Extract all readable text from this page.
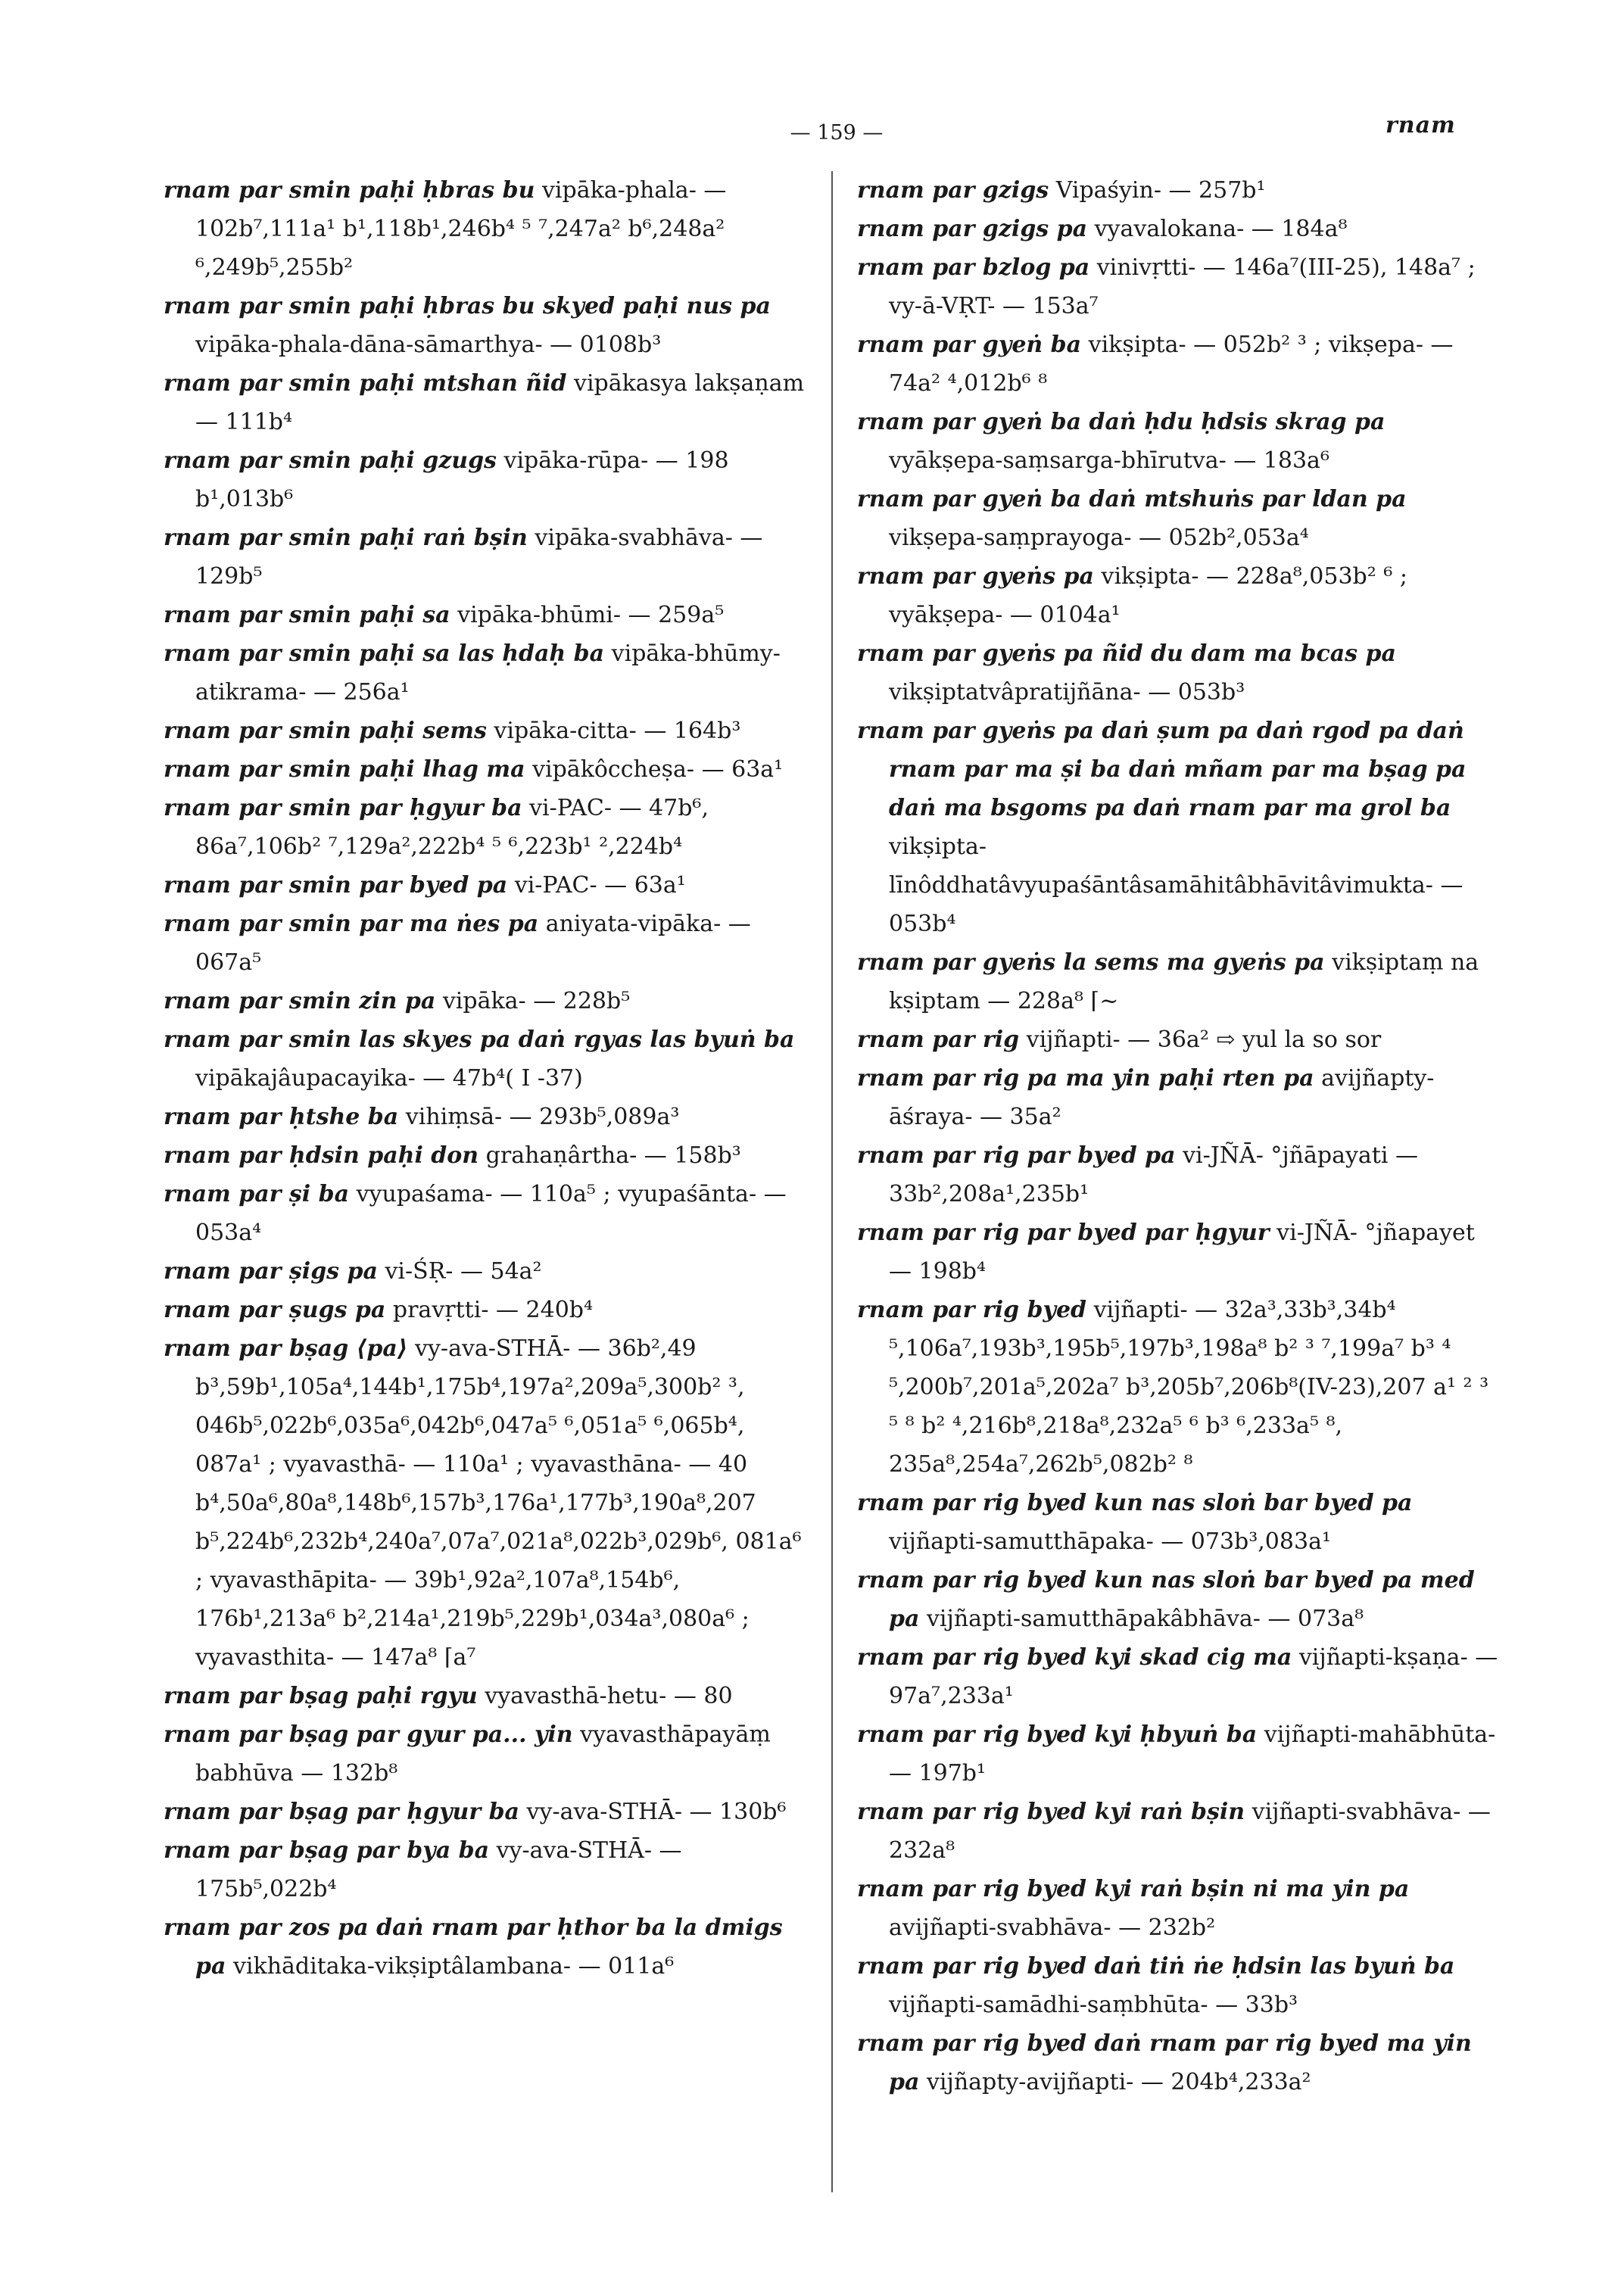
— 159 —	rnam

rnam par smin paḥi ḥbras bu vipāka-phala- — 102b⁷,111a¹ b¹,118b¹,246b⁴ ⁵ ⁷,247a² b⁶,248a² ⁶,249b⁵,255b²

rnam par smin paḥi ḥbras bu skyed paḥi nus pa vipāka-phala-dāna-sāmarthya- — 0108b³

rnam par smin paḥi mtshan ñid vipākasya lakṣaṇam — 111b⁴

rnam par smin paḥi gzugs vipāka-rūpa- — 198 b¹,013b⁶

rnam par smin paḥi raṅ bṣin vipāka-svabhāva- — 129b⁵

rnam par smin paḥi sa vipāka-bhūmi- — 259a⁵

rnam par smin paḥi sa las ḥdaḥ ba vipāka-bhūmy-atikrama- — 256a¹

rnam par smin paḥi sems vipāka-citta- — 164b³

rnam par smin paḥi lhag ma vipākôccheṣa- — 63a¹

rnam par smin par ḥgyur ba vi-PAC- — 47b⁶, 86a⁷,106b² ⁷,129a²,222b⁴ ⁵ ⁶,223b¹ ²,224b⁴

rnam par smin par byed pa vi-PAC- — 63a¹

rnam par smin par ma ṅes pa aniyata-vipāka- — 067a⁵

rnam par smin zin pa vipāka- — 228b⁵

rnam par smin las skyes pa daṅ rgyas las byuṅ ba vipākajâupacayika- — 47b⁴( I -37)

rnam par ḥtshe ba vihiṃsā- — 293b⁵,089a³

rnam par ḥdsin paḥi don grahaṇârtha- — 158b³

rnam par ṣi ba vyupaśama- — 110a⁵ ; vyupaśānta- — 053a⁴

rnam par ṣigs pa vi-ŚṚ- — 54a²

rnam par ṣugs pa pravṛtti- — 240b⁴

rnam par bṣag ⟨pa⟩ vy-ava-STHĀ- — 36b²,49 b³,59b¹,105a⁴,144b¹,175b⁴,197a²,209a⁵,300b² ³, 046b⁵,022b⁶,035a⁶,042b⁶,047a⁵ ⁶,051a⁵ ⁶,065b⁴, 087a¹ ; vyavasthā- — 110a¹ ; vyavasthāna- — 40 b⁴,50a⁶,80a⁸,148b⁶,157b³,176a¹,177b³,190a⁸,207 b⁵,224b⁶,232b⁴,240a⁷,07a⁷,021a⁸,022b³,029b⁶, 081a⁶ ; vyavasthāpita- — 39b¹,92a²,107a⁸,154b⁶, 176b¹,213a⁶ b²,214a¹,219b⁵,229b¹,034a³,080a⁶ ; vyavasthita- — 147a⁸ ⌈a⁷

rnam par bṣag paḥi rgyu vyavasthā-hetu- — 80

rnam par bṣag par gyur pa... yin vyavasthāpayāṃ babhūva — 132b⁸

rnam par bṣag par ḥgyur ba vy-ava-STHĀ- — 130b⁶

rnam par bṣag par bya ba vy-ava-STHĀ- — 175b⁵,022b⁴

rnam par zos pa daṅ rnam par ḥthor ba la dmigs pa vikhāditaka-vikṣiptâlambana- — 011a⁶

rnam par gzigs Vipaśyin- — 257b¹

rnam par gzigs pa vyavalokana- — 184a⁸

rnam par bzlog pa vinivṛtti- — 146a⁷(III-25), 148a⁷ ; vy-ā-VṚT- — 153a⁷

rnam par gyeṅ ba vikṣipta- — 052b² ³ ; vikṣepa- — 74a² ⁴,012b⁶ ⁸

rnam par gyeṅ ba daṅ ḥdu ḥdsis skrag pa vyākṣepa-saṃsarga-bhīrutva- — 183a⁶

rnam par gyeṅ ba daṅ mtshuṅs par ldan pa vikṣepa-saṃprayoga- — 052b²,053a⁴

rnam par gyeṅs pa vikṣipta- — 228a⁸,053b² ⁶ ; vyākṣepa- — 0104a¹

rnam par gyeṅs pa ñid du dam ma bcas pa vikṣiptatvâpratijñāna- — 053b³

rnam par gyeṅs pa daṅ ṣum pa daṅ rgod pa daṅ rnam par ma ṣi ba daṅ mñam par ma bṣag pa daṅ ma bsgoms pa daṅ rnam par ma grol ba vikṣipta-līnôddhatâvyupaśāntâsamāhitâbhāvitâvimukta- — 053b⁴

rnam par gyeṅs la sems ma gyeṅs pa vikṣiptaṃ na kṣiptam — 228a⁸ ⌈~

rnam par rig vijñapti- — 36a² ⇨ yul la so sor

rnam par rig pa ma yin paḥi rten pa avijñapty-āśraya- — 35a²

rnam par rig par byed pa vi-JÑĀ- °jñāpayati — 33b²,208a¹,235b¹

rnam par rig par byed par ḥgyur vi-JÑĀ- °jñapayet — 198b⁴

rnam par rig byed vijñapti- — 32a³,33b³,34b⁴ ⁵,106a⁷,193b³,195b⁵,197b³,198a⁸ b² ³ ⁷,199a⁷ b³ ⁴ ⁵,200b⁷,201a⁵,202a⁷ b³,205b⁷,206b⁸(IV-23),207 a¹ ² ³ ⁵ ⁸ b² ⁴,216b⁸,218a⁸,232a⁵ ⁶ b³ ⁶,233a⁵ ⁸, 235a⁸,254a⁷,262b⁵,082b² ⁸

rnam par rig byed kun nas sloṅ bar byed pa vijñapti-samutthāpaka- — 073b³,083a¹

rnam par rig byed kun nas sloṅ bar byed pa med pa vijñapti-samutthāpakâbhāva- — 073a⁸

rnam par rig byed kyi skad cig ma vijñapti-kṣaṇa- — 97a⁷,233a¹

rnam par rig byed kyi ḥbyuṅ ba vijñapti-mahābhūta- — 197b¹

rnam par rig byed kyi raṅ bṣin vijñapti-svabhāva- — 232a⁸

rnam par rig byed kyi raṅ bṣin ni ma yin pa avijñapti-svabhāva- — 232b²

rnam par rig byed daṅ tiṅ ṅe ḥdsin las byuṅ ba vijñapti-samādhi-saṃbhūta- — 33b³

rnam par rig byed daṅ rnam par rig byed ma yin pa vijñapty-avijñapti- — 204b⁴,233a²
